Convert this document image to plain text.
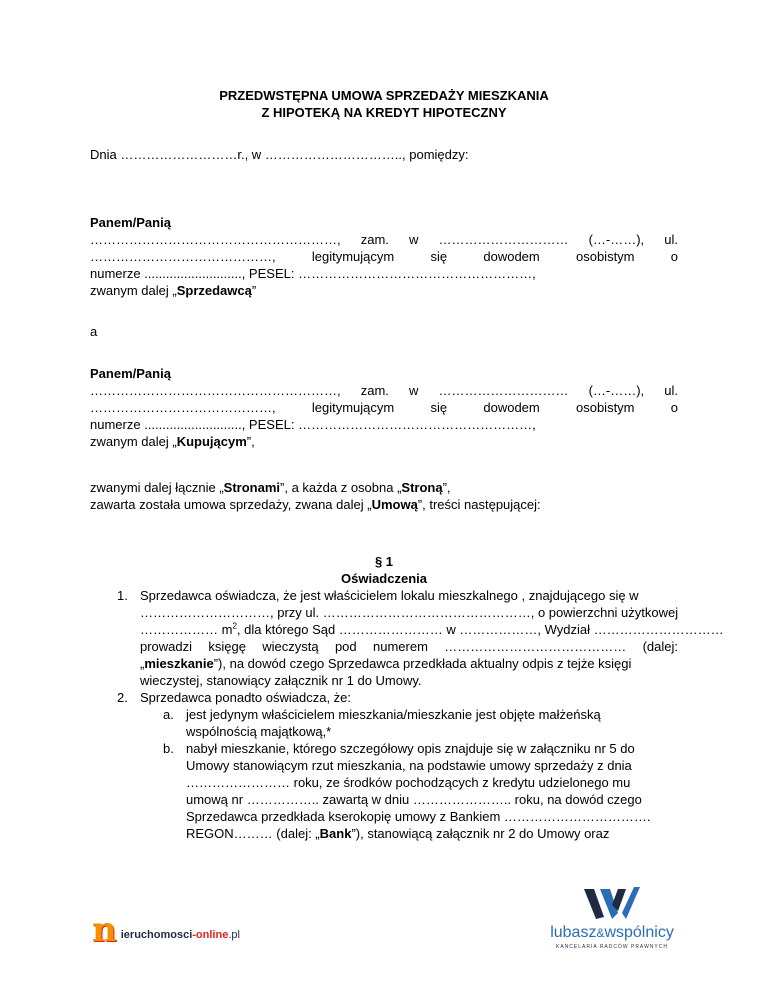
PRZEDWSTĘPNA UMOWA SPRZEDAŻY MIESZKANIA
Z HIPOTEKĄ NA KREDYT HIPOTECZNY
Dnia ………………………r., w ………………………….., pomiędzy:
Panem/Panią
…………………………………………………, zam. w ………………………… (…-……), ul.
……………………………………,	legitymującym	się	dowodem	osobistym	o
numerze ..........................., PESEL: ………………………………………………,
zwanym dalej „Sprzedawcą”
a
Panem/Panią
…………………………………………………, zam. w ………………………… (…-……), ul.
……………………………………,	legitymującym	się	dowodem	osobistym	o
numerze ..........................., PESEL: ………………………………………………,
zwanym dalej „Kupującym”,
zwanymi dalej łącznie „Stronami”, a każda z osobna „Stroną”,
zawarta została umowa sprzedaży, zwana dalej „Umową”, treści następującej:
§ 1
Oświadczenia
1. Sprzedawca oświadcza, że jest właścicielem lokalu mieszkalnego , znajdującego się w
…………………………, przy ul. …………………………………………, o powierzchni użytkowej
……………… $m^2$, dla którego Sąd …………………… w ………………, Wydział …………………………
prowadzi księgę wieczystą pod numerem …………………………………… (dalej:
„mieszkanie”), na dowód czego Sprzedawca przedkłada aktualny odpis z tejże księgi
wieczystej, stanowiący załącznik nr 1 do Umowy.
2. Sprzedawca ponadto oświadcza, że:
a. jest jedynym właścicielem mieszkania/mieszkanie jest objęte małżeńską
wspólnością majątkową,*
b. nabył mieszkanie, którego szczegółowy opis znajduje się w załączniku nr 5 do
Umowy stanowiącym rzut mieszkania, na podstawie umowy sprzedaży z dnia
…………………… roku, ze środków pochodzących z kredytu udzielonego mu
umową nr …………….. zawartą w dniu ………………….. roku, na dowód czego
Sprzedawca przedkłada kserokopię umowy z Bankiem …………………………….
REGON……… (dalej: „Bank”), stanowiącą załącznik nr 2 do Umowy oraz
n ieruchomosci-online.pl	lubasz&wspólnicy
KANCELARIA RADCÓW PRAWNYCH
